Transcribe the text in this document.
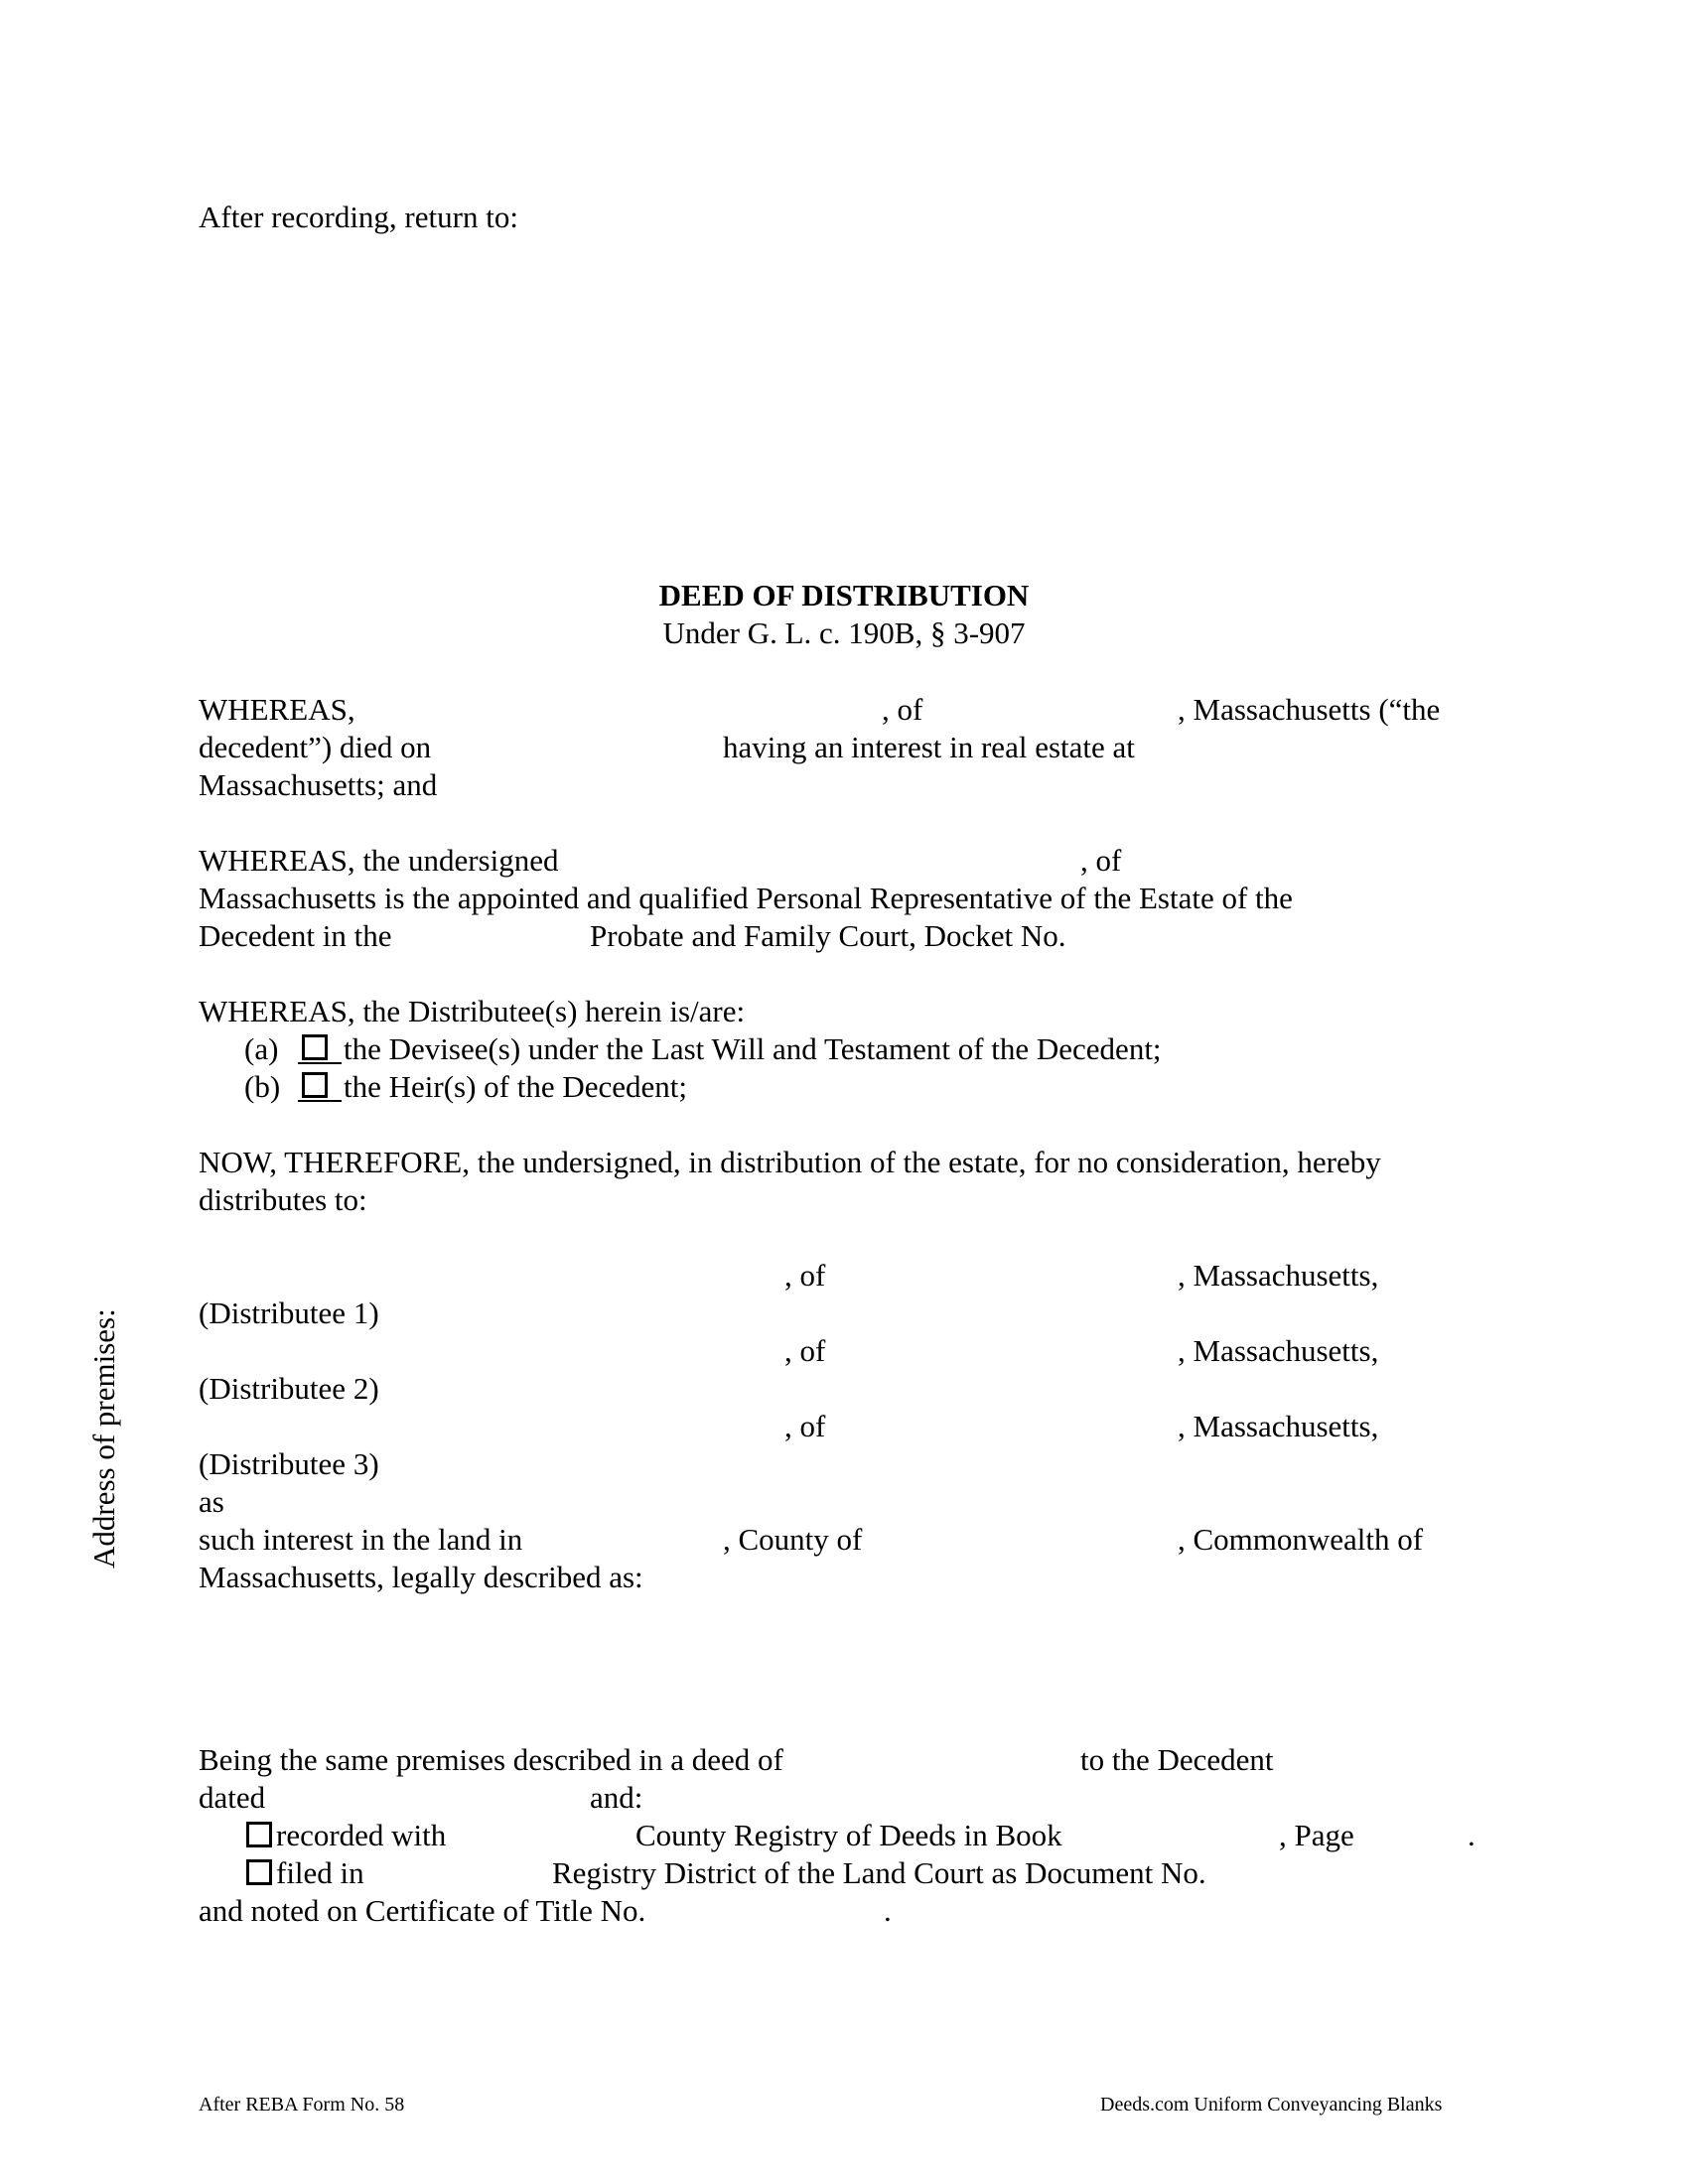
After recording, return to:
Address of premises:
DEED OF DISTRIBUTION
Under G. L. c. 190B, § 3-907
WHEREAS,	, of	, Massachusetts (“the
decedent”) died on	having an interest in real estate at
Massachusetts; and
WHEREAS, the undersigned	, of
Massachusetts is the appointed and qualified Personal Representative of the Estate of the
Decedent in the	Probate and Family Court, Docket No.
WHEREAS, the Distributee(s) herein is/are:
(a) the Devisee(s) under the Last Will and Testament of the Decedent;
(b) the Heir(s) of the Decedent;
NOW, THEREFORE, the undersigned, in distribution of the estate, for no consideration, hereby
distributes to:
, of	, Massachusetts,
(Distributee 1)
, of	, Massachusetts,
(Distributee 2)
, of	, Massachusetts,
(Distributee 3)
as
such interest in the land in	, County of	, Commonwealth of
Massachusetts, legally described as:
Being the same premises described in a deed of	to the Decedent
dated	and:
recorded with	County Registry of Deeds in Book	, Page	.
filed in	Registry District of the Land Court as Document No.
and noted on Certificate of Title No.	.
After REBA Form No. 58	Deeds.com Uniform Conveyancing Blanks
